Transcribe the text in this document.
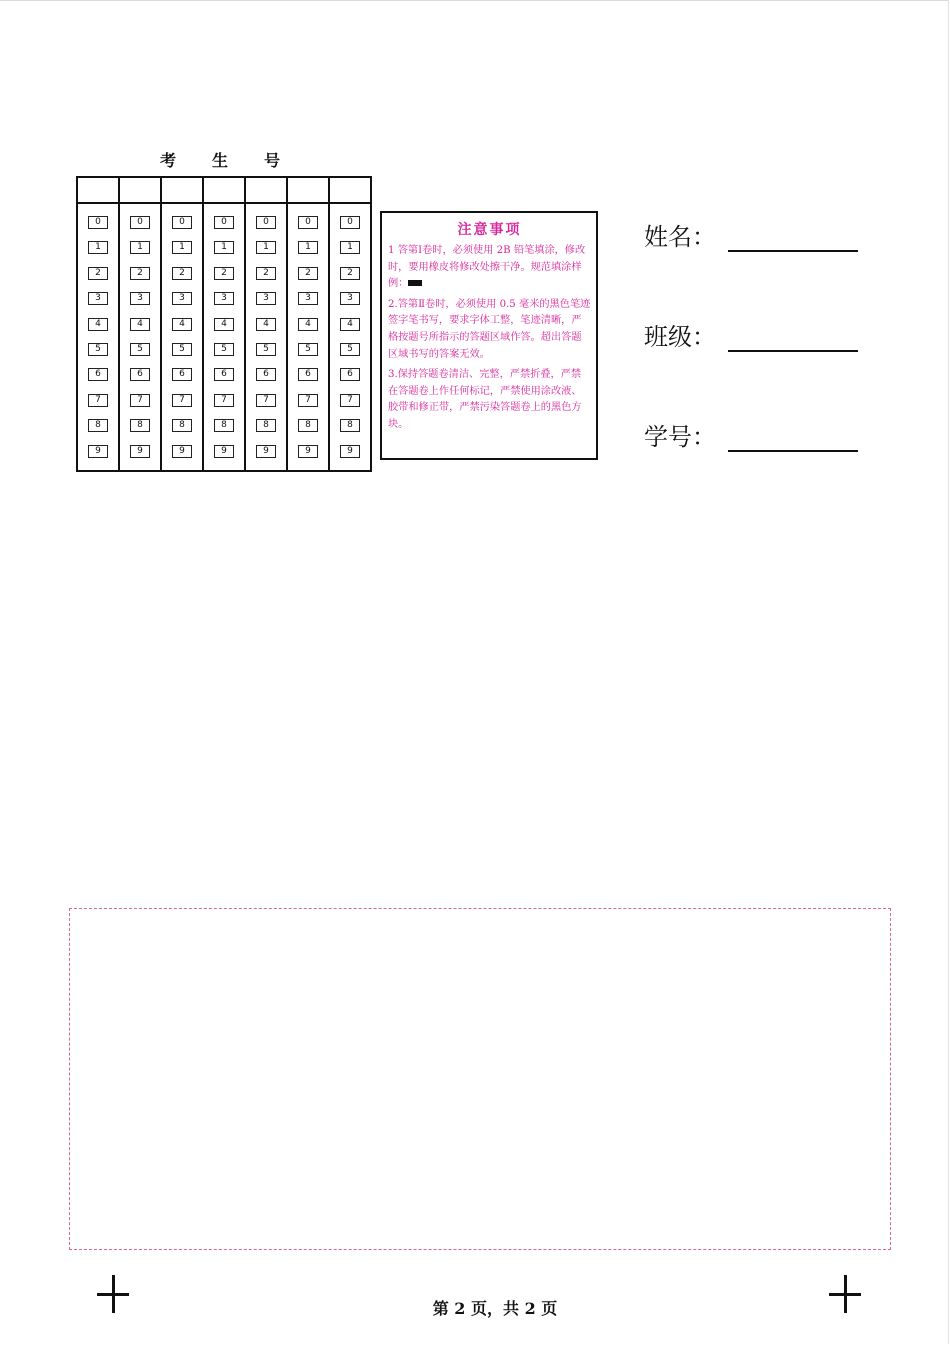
考 生 号
0
1
2
3
4
5
6
7
8
9
0
1
2
3
4
5
6
7
8
9
0
1
2
3
4
5
6
7
8
9
0
1
2
3
4
5
6
7
8
9
0
1
2
3
4
5
6
7
8
9
0
1
2
3
4
5
6
7
8
9
0
1
2
3
4
5
6
7
8
9
注意事项

1 答第Ⅰ卷时，必须使用 2B 铅笔填涂，修改时，要用橡皮将修改处擦干净。规范填涂样例：

2.答第Ⅱ卷时，必须使用 0.5 毫米的黑色笔迹签字笔书写，要求字体工整，笔迹清晰，严格按题号所指示的答题区域作答。超出答题区域书写的答案无效。

3.保持答题卷清洁、完整，严禁折叠，严禁在答题卷上作任何标记，严禁使用涂改液、胶带和修正带，严禁污染答题卷上的黑色方块。

姓名：
班级：
学号：
第 2 页，共 2 页
